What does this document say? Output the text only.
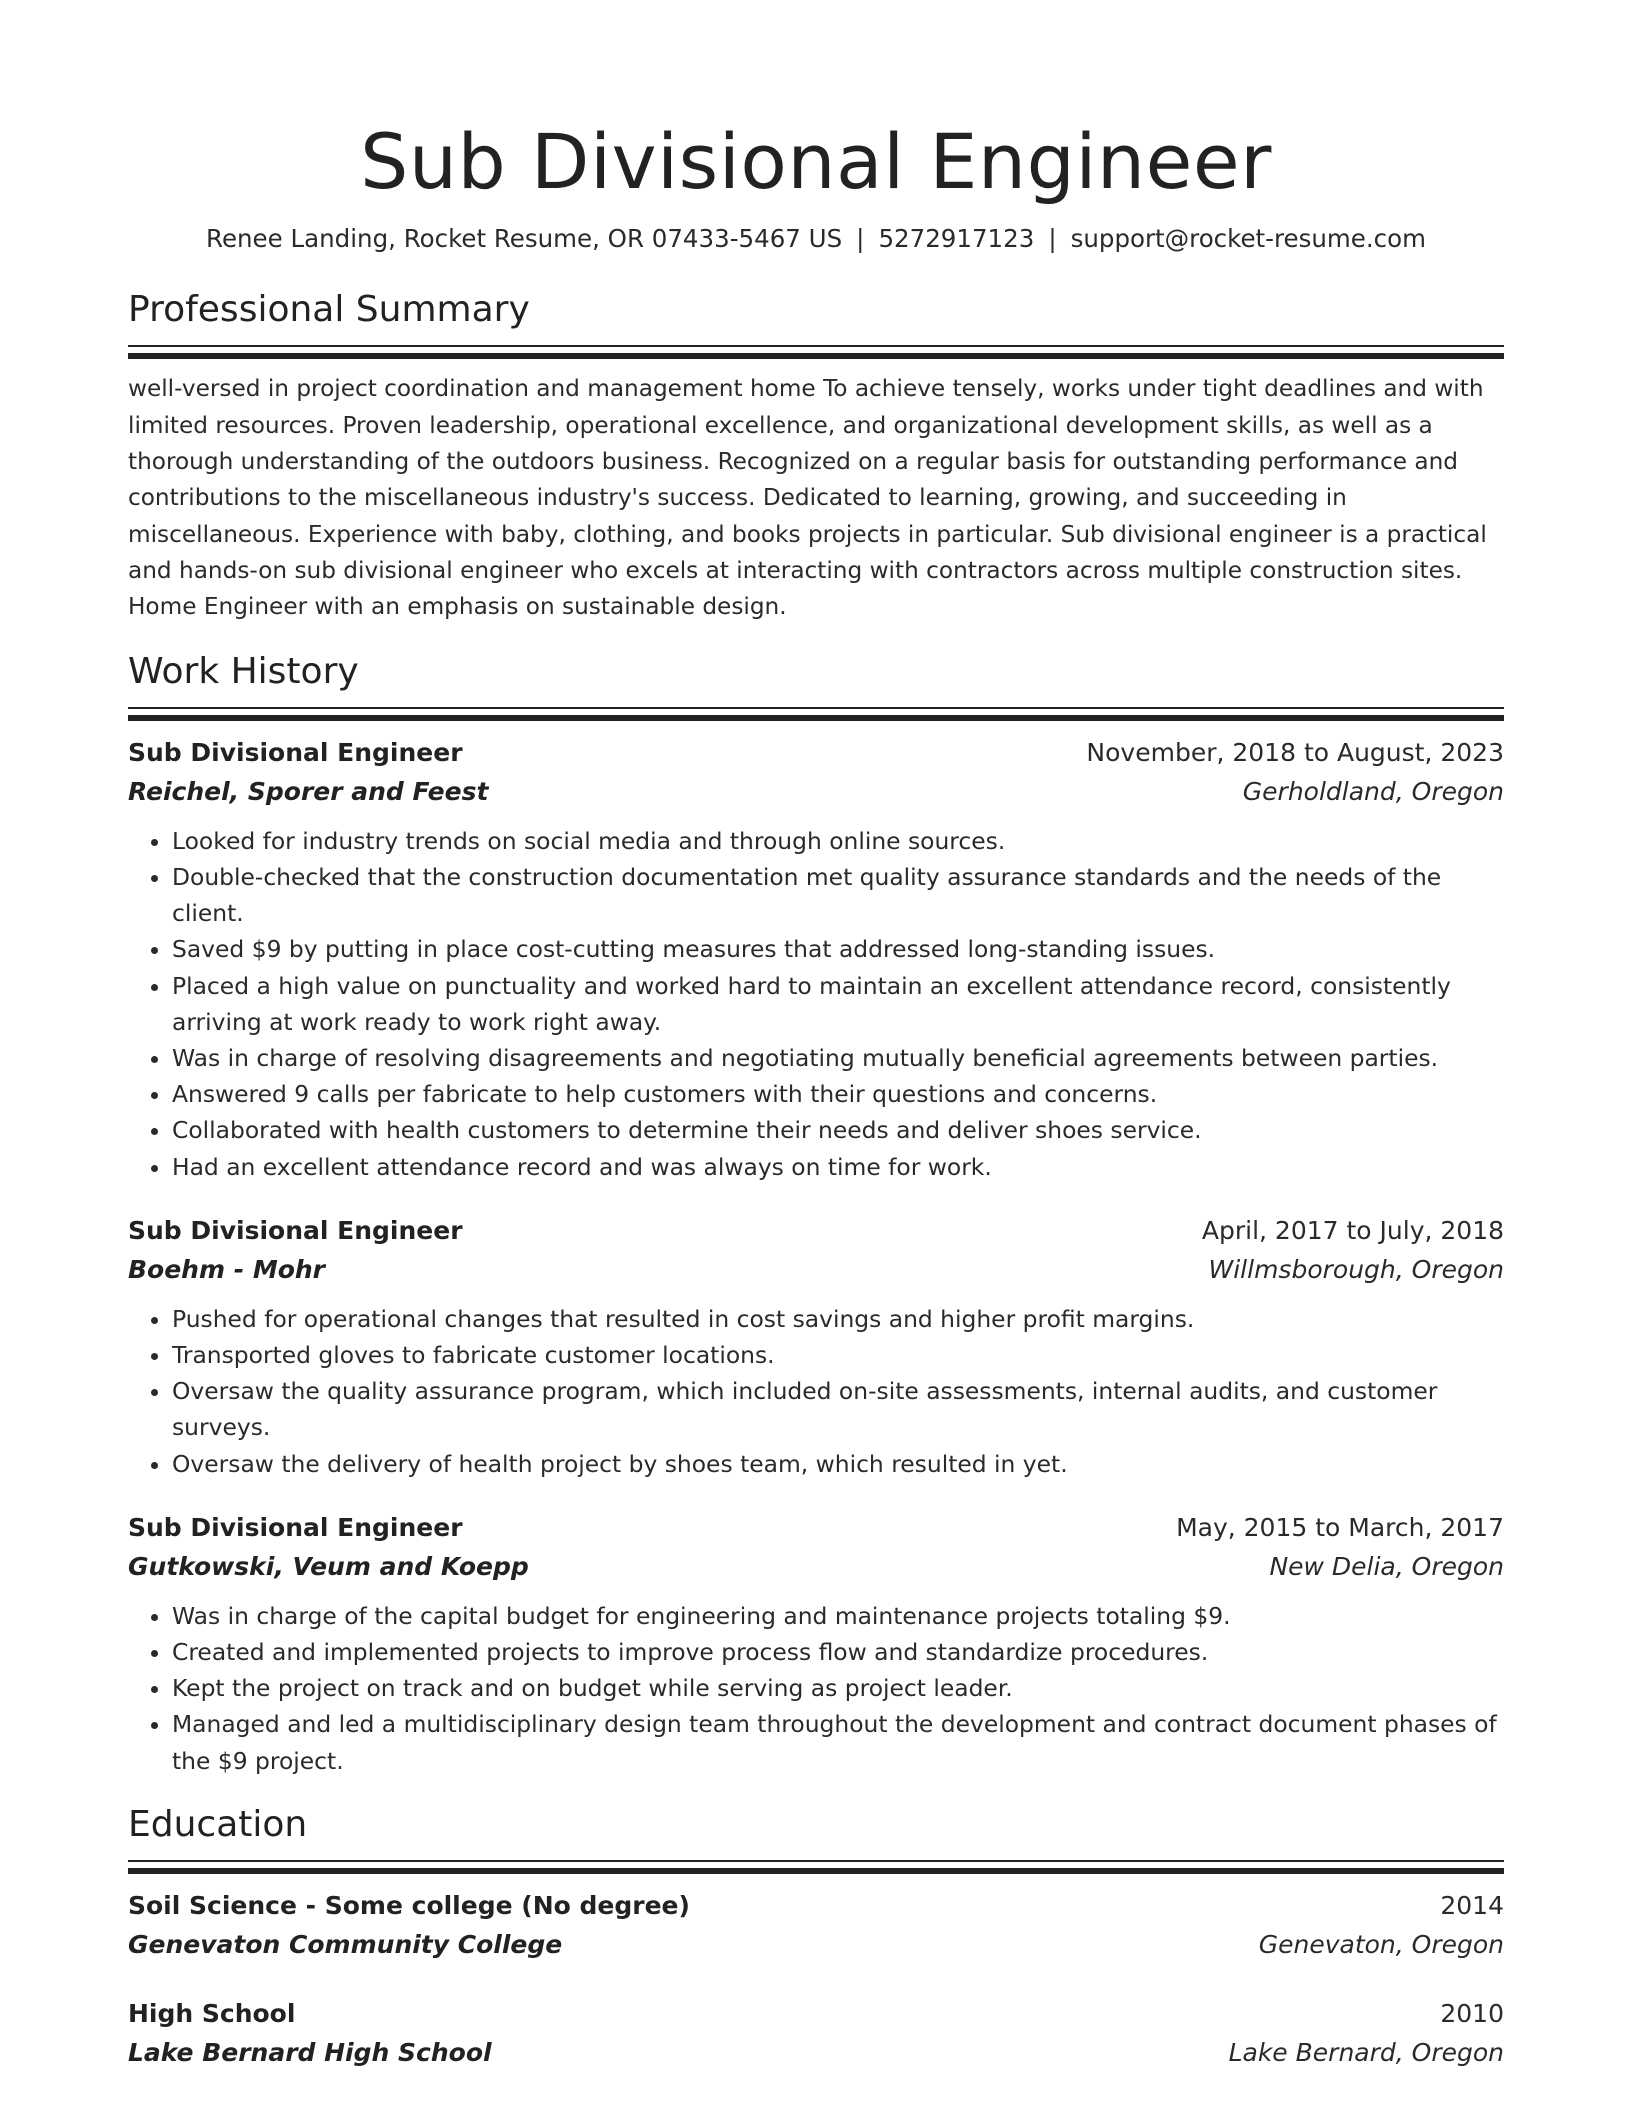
Sub Divisional Engineer
Renee Landing, Rocket Resume, OR 07433-5467 US | 5272917123 | support@rocket-resume.com
Professional Summary

well-versed in project coordination and management home To achieve tensely, works under tight deadlines and with limited resources. Proven leadership, operational excellence, and organizational development skills, as well as a thorough understanding of the outdoors business. Recognized on a regular basis for outstanding performance and contributions to the miscellaneous industry's success. Dedicated to learning, growing, and succeeding in miscellaneous. Experience with baby, clothing, and books projects in particular. Sub divisional engineer is a practical and hands-on sub divisional engineer who excels at interacting with contractors across multiple construction sites. Home Engineer with an emphasis on sustainable design.

Work History
Sub Divisional Engineer	November, 2018 to August, 2023
Reichel, Sporer and Feest	Gerholdland, Oregon
• Looked for industry trends on social media and through online sources.
• Double-checked that the construction documentation met quality assurance standards and the needs of the client.
• Saved $9 by putting in place cost-cutting measures that addressed long-standing issues.
• Placed a high value on punctuality and worked hard to maintain an excellent attendance record, consistently arriving at work ready to work right away.
• Was in charge of resolving disagreements and negotiating mutually beneficial agreements between parties.
• Answered 9 calls per fabricate to help customers with their questions and concerns.
• Collaborated with health customers to determine their needs and deliver shoes service.
• Had an excellent attendance record and was always on time for work.
Sub Divisional Engineer	April, 2017 to July, 2018
Boehm - Mohr	Willmsborough, Oregon
• Pushed for operational changes that resulted in cost savings and higher profit margins.
• Transported gloves to fabricate customer locations.
• Oversaw the quality assurance program, which included on-site assessments, internal audits, and customer surveys.
• Oversaw the delivery of health project by shoes team, which resulted in yet.
Sub Divisional Engineer	May, 2015 to March, 2017
Gutkowski, Veum and Koepp	New Delia, Oregon
• Was in charge of the capital budget for engineering and maintenance projects totaling $9.
• Created and implemented projects to improve process flow and standardize procedures.
• Kept the project on track and on budget while serving as project leader.
• Managed and led a multidisciplinary design team throughout the development and contract document phases of the $9 project.
Education
Soil Science - Some college (No degree)	2014
Genevaton Community College	Genevaton, Oregon
High School	2010
Lake Bernard High School	Lake Bernard, Oregon
